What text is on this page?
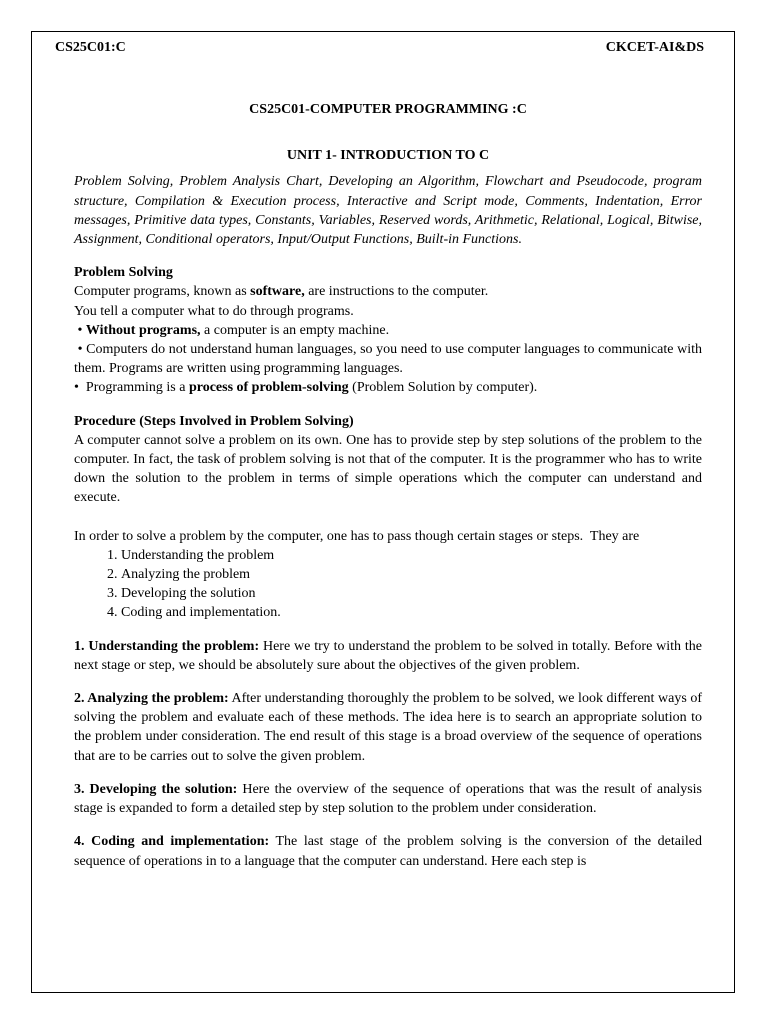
CS25C01:C	CKCET-AI&DS

CS25C01-COMPUTER PROGRAMMING :C

UNIT 1- INTRODUCTION TO C

Problem Solving, Problem Analysis Chart, Developing an Algorithm, Flowchart and Pseudocode, program structure, Compilation & Execution process, Interactive and Script mode, Comments, Indentation, Error messages, Primitive data types, Constants, Variables, Reserved words, Arithmetic, Relational, Logical, Bitwise, Assignment, Conditional operators, Input/Output Functions, Built-in Functions.

Problem Solving

Computer programs, known as software, are instructions to the computer.

You tell a computer what to do through programs.

• Without programs, a computer is an empty machine.

• Computers do not understand human languages, so you need to use computer languages to communicate with them. Programs are written using programming languages.

•  Programming is a process of problem-solving (Problem Solution by computer).

Procedure (Steps Involved in Problem Solving)

A computer cannot solve a problem on its own. One has to provide step by step solutions of the problem to the computer. In fact, the task of problem solving is not that of the computer. It is the programmer who has to write down the solution to the problem in terms of simple operations which the computer can understand and execute.

In order to solve a problem by the computer, one has to pass though certain stages or steps.  They are

1. Understanding the problem
2. Analyzing the problem
3. Developing the solution
4. Coding and implementation.

1. Understanding the problem: Here we try to understand the problem to be solved in totally. Before with the next stage or step, we should be absolutely sure about the objectives of the given problem.

2. Analyzing the problem: After understanding thoroughly the problem to be solved, we look different ways of solving the problem and evaluate each of these methods. The idea here is to search an appropriate solution to the problem under consideration. The end result of this stage is a broad overview of the sequence of operations that are to be carries out to solve the given problem.

3. Developing the solution: Here the overview of the sequence of operations that was the result of analysis stage is expanded to form a detailed step by step solution to the problem under consideration.

4. Coding and implementation: The last stage of the problem solving is the conversion of the detailed sequence of operations in to a language that the computer can understand. Here each step is
